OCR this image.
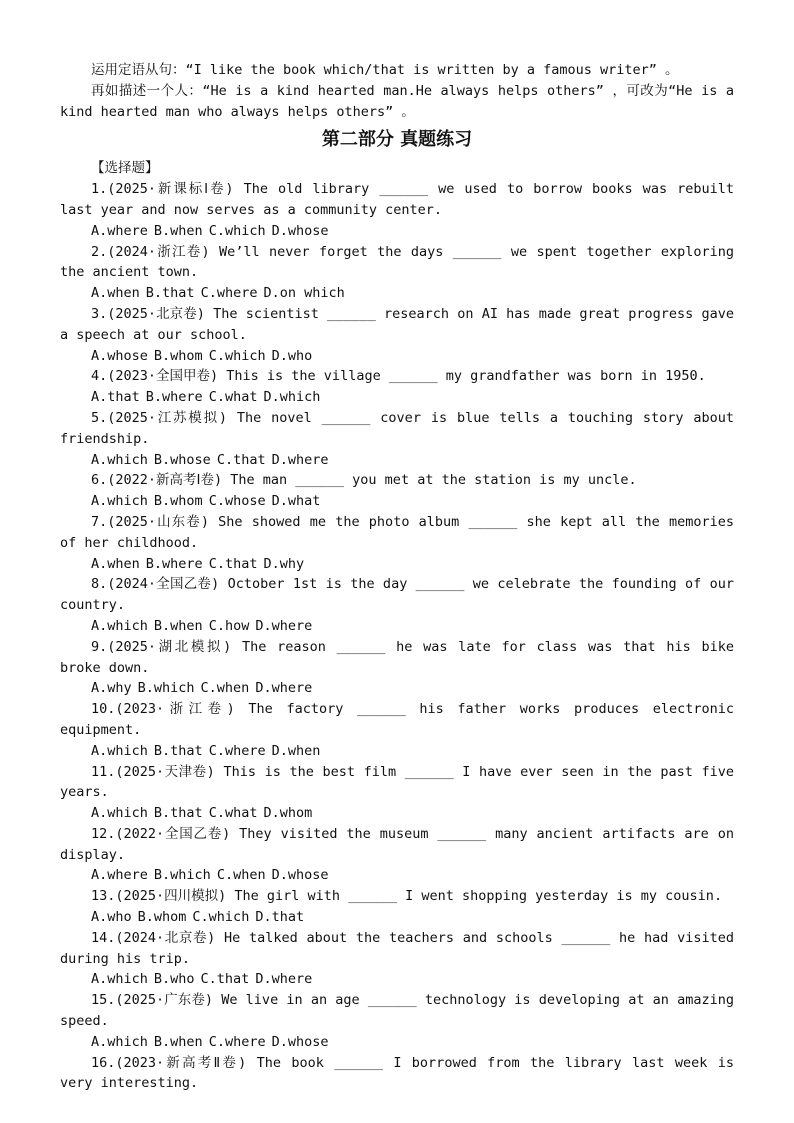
运用定语从句：“I like the book which/that is written by a famous writer” 。

再如描述一个人：“He is a kind hearted man.He always helps others” ，可改为“He is a kind hearted man who always helps others” 。

第二部分 真题练习

【选择题】

1.(2025·新课标Ⅰ卷) The old library ______ we used to borrow books was rebuilt last year and now serves as a community center.

A.where B.when C.which D.whose

2.(2024·浙江卷) We’ll never forget the days ______ we spent together exploring the ancient town.

A.when B.that C.where D.on which

3.(2025·北京卷) The scientist ______ research on AI has made great progress gave a speech at our school.

A.whose B.whom C.which D.who

4.(2023·全国甲卷) This is the village ______ my grandfather was born in 1950.

A.that B.where C.what D.which

5.(2025·江苏模拟) The novel ______ cover is blue tells a touching story about friendship.

A.which B.whose C.that D.where

6.(2022·新高考Ⅰ卷) The man ______ you met at the station is my uncle.

A.which B.whom C.whose D.what

7.(2025·山东卷) She showed me the photo album ______ she kept all the memories of her childhood.

A.when B.where C.that D.why

8.(2024·全国乙卷) October 1st is the day ______ we celebrate the founding of our country.

A.which B.when C.how D.where

9.(2025·湖北模拟) The reason ______ he was late for class was that his bike broke down.

A.why B.which C.when D.where

10.(2023·浙江卷) The factory ______ his father works produces electronic equipment.

A.which B.that C.where D.when

11.(2025·天津卷) This is the best film ______ I have ever seen in the past five years.

A.which B.that C.what D.whom

12.(2022·全国乙卷) They visited the museum ______ many ancient artifacts are on display.

A.where B.which C.when D.whose

13.(2025·四川模拟) The girl with ______ I went shopping yesterday is my cousin.

A.who B.whom C.which D.that

14.(2024·北京卷) He talked about the teachers and schools ______ he had visited during his trip.

A.which B.who C.that D.where

15.(2025·广东卷) We live in an age ______ technology is developing at an amazing speed.

A.which B.when C.where D.whose

16.(2023·新高考Ⅱ卷) The book ______ I borrowed from the library last week is very interesting.
